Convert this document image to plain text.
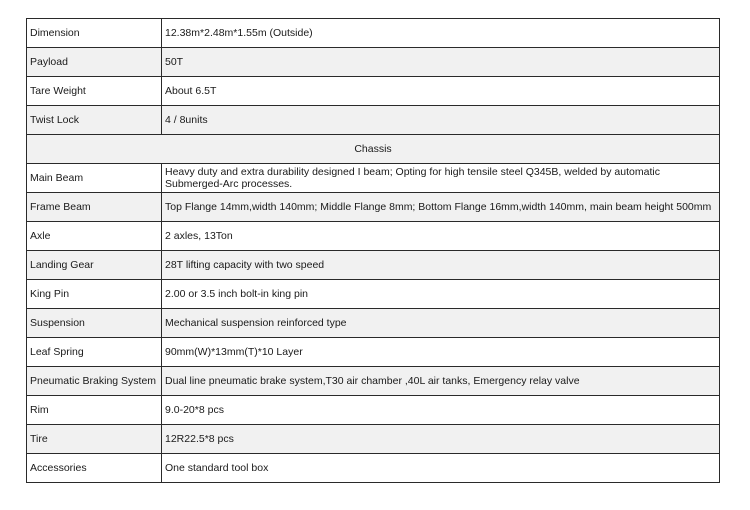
Dimension	12.38m*2.48m*1.55m (Outside)
Payload	50T
Tare Weight	About 6.5T
Twist Lock	4 / 8units
Chassis	
Main Beam	Heavy duty and extra durability designed I beam; Opting for high tensile steel Q345B, welded by automatic Submerged-Arc processes.
Frame Beam	Top Flange 14mm,width 140mm; Middle Flange 8mm; Bottom Flange 16mm,width 140mm, main beam height 500mm
Axle	2 axles, 13Ton
Landing Gear	28T lifting capacity with two speed
King Pin	2.00 or 3.5 inch bolt-in king pin
Suspension	Mechanical suspension reinforced type
Leaf Spring	90mm(W)*13mm(T)*10 Layer
Pneumatic Braking System	Dual line pneumatic brake system,T30 air chamber ,40L air tanks, Emergency relay valve
Rim	9.0-20*8 pcs
Tire	12R22.5*8 pcs
Accessories	One standard tool box
